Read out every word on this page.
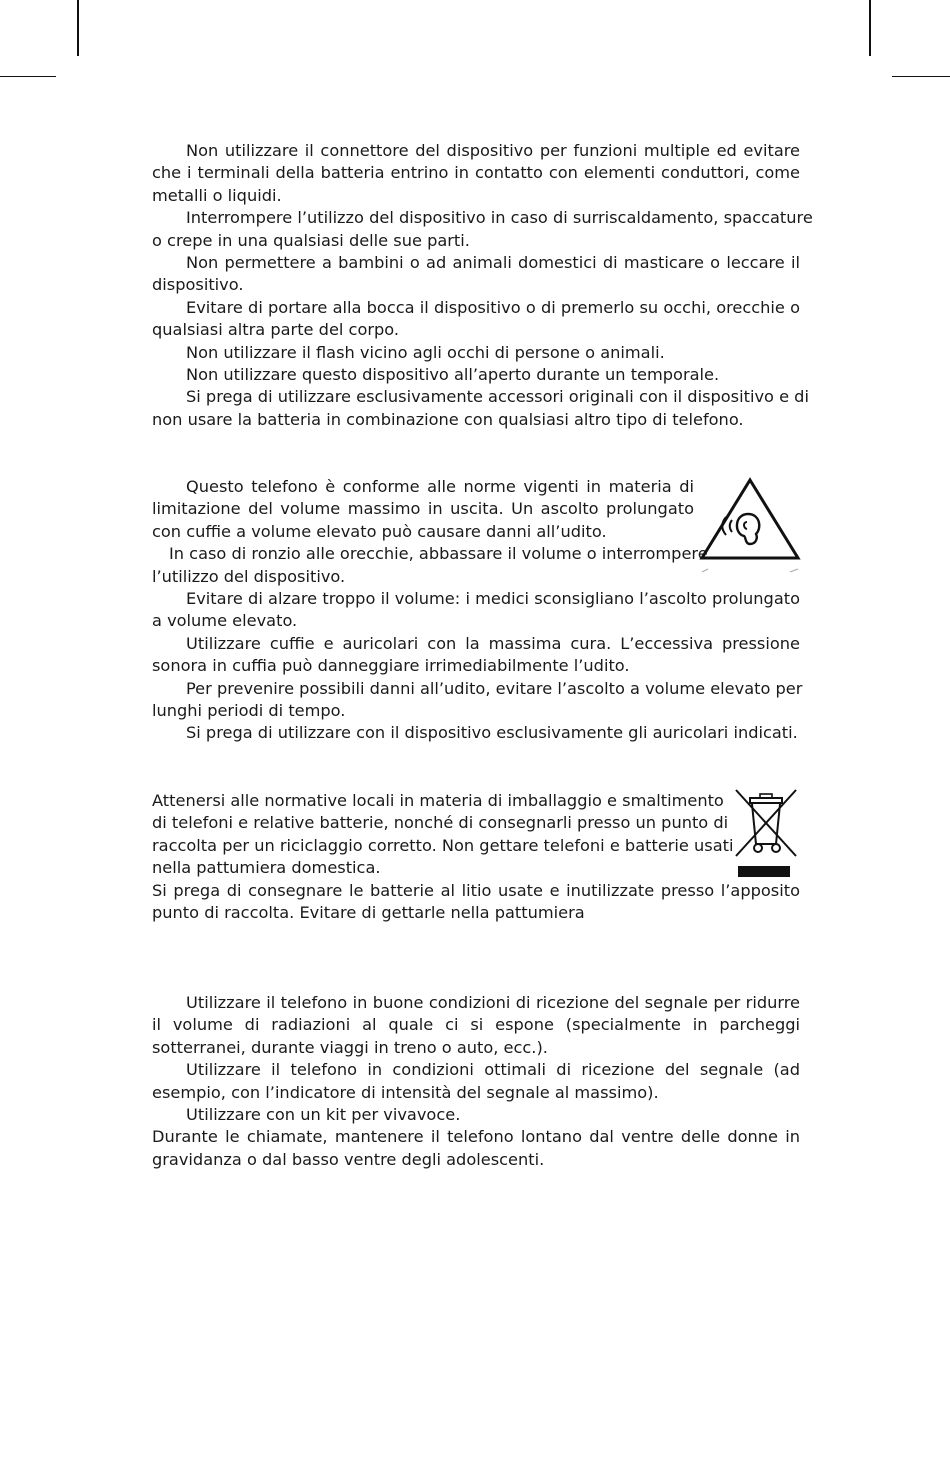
Non utilizzare il connettore del dispositivo per funzioni multiple ed evitare
che i terminali della batteria entrino in contatto con elementi conduttori, come
metalli o liquidi.
Interrompere l’utilizzo del dispositivo in caso di surriscaldamento, spaccature
o crepe in una qualsiasi delle sue parti.
Non permettere a bambini o ad animali domestici di masticare o leccare il
dispositivo.
Evitare di portare alla bocca il dispositivo o di premerlo su occhi, orecchie o
qualsiasi altra parte del corpo.
Non utilizzare il flash vicino agli occhi di persone o animali.
Non utilizzare questo dispositivo all’aperto durante un temporale.
Si prega di utilizzare esclusivamente accessori originali con il dispositivo e di
non usare la batteria in combinazione con qualsiasi altro tipo di telefono.
Questo telefono è conforme alle norme vigenti in materia di
limitazione del volume massimo in uscita. Un ascolto prolungato
con cuffie a volume elevato può causare danni all’udito.
In caso di ronzio alle orecchie, abbassare il volume o interrompere
l’utilizzo del dispositivo.
Evitare di alzare troppo il volume: i medici sconsigliano l’ascolto prolungato
a volume elevato.
Utilizzare cuffie e auricolari con la massima cura. L’eccessiva pressione
sonora in cuffia può danneggiare irrimediabilmente l’udito.
Per prevenire possibili danni all’udito, evitare l’ascolto a volume elevato per
lunghi periodi di tempo.
Si prega di utilizzare con il dispositivo esclusivamente gli auricolari indicati.
Attenersi alle normative locali in materia di imballaggio e smaltimento
di telefoni e relative batterie, nonché di consegnarli presso un punto di
raccolta per un riciclaggio corretto. Non gettare telefoni e batterie usati
nella pattumiera domestica.
Si prega di consegnare le batterie al litio usate e inutilizzate presso l’apposito
punto di raccolta. Evitare di gettarle nella pattumiera
Utilizzare il telefono in buone condizioni di ricezione del segnale per ridurre
il volume di radiazioni al quale ci si espone (specialmente in parcheggi
sotterranei, durante viaggi in treno o auto, ecc.).
Utilizzare il telefono in condizioni ottimali di ricezione del segnale (ad
esempio, con l’indicatore di intensità del segnale al massimo).
Utilizzare con un kit per vivavoce.
Durante le chiamate, mantenere il telefono lontano dal ventre delle donne in
gravidanza o dal basso ventre degli adolescenti.
